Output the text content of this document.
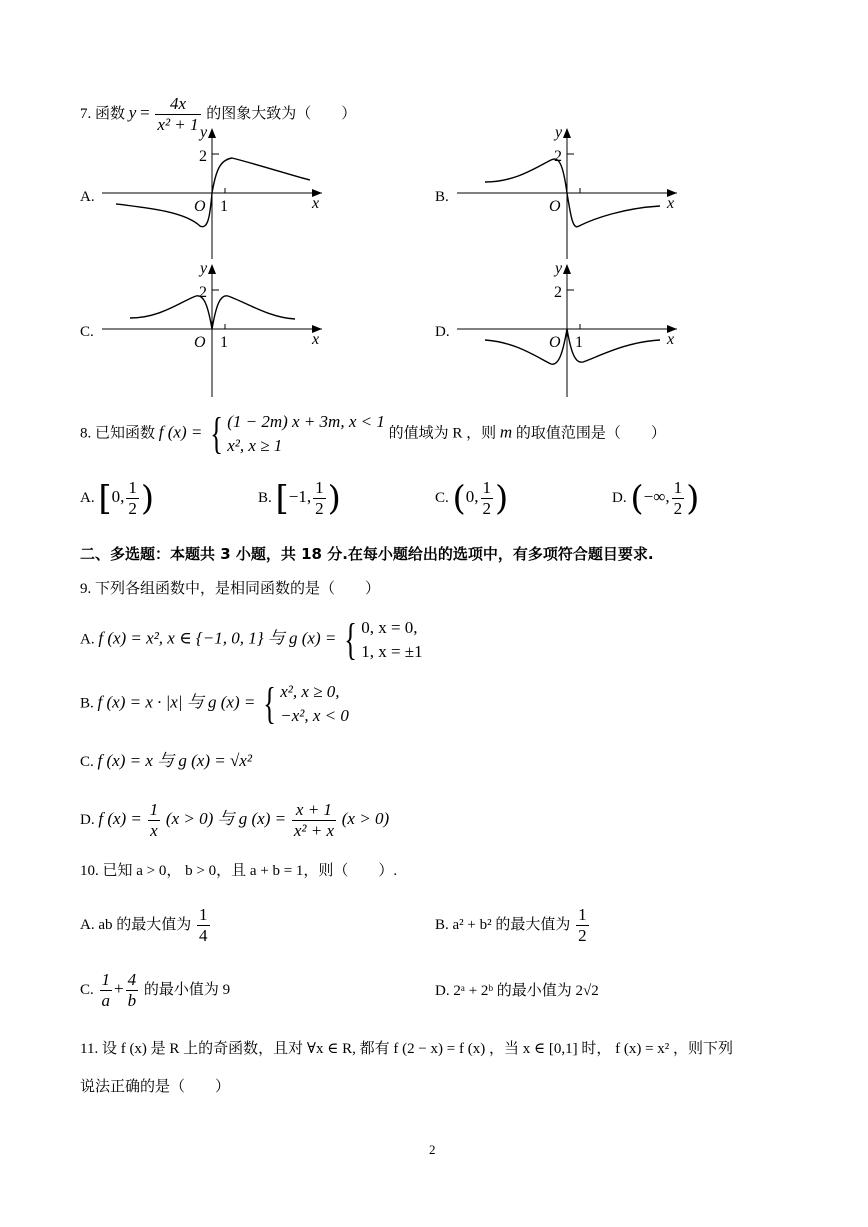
7. 函数 $y = \frac{4x}{\text{x² + 1}}$ 的图象大致为（　　）
A.
y
2
O 1	x	B.
y
2
O	x
C.
y
2
O 1	x	D.
y
2
O 1	x
8. 已知函数 f (x) = { (1 − 2m) x + 3m, x < 1
x², x ≥ 1
的值域为 R ，则 m 的取值范围是（　　）
A. [0, $\frac{1}{2}$ )	B. [−1, $\frac{1}{2}$ )	C. (0, $\frac{1}{2}$ )	D. (−∞, $\frac{1}{2}$ )
二、多选题：本题共 3 小题，共 18 分.在每小题给出的选项中，有多项符合题目要求.
9. 下列各组函数中，是相同函数的是（　　）
A. f (x) = x², x ∈ {−1, 0, 1} 与 g (x) = { 0, x = 0,
1, x = ±1
B. f (x) = x · |x| 与 g (x) = { x², x ≥ 0,
−x², x < 0
C. f (x) = x 与 g (x) = √x²
D. f $(x) = \frac{1}{x} (x > 0)$ 与 g $(x) = \frac{x + 1}{\text{x² + x}} (x > 0)$
10. 已知 a > 0， b > 0，且 a + b = 1，则（　　）.
A. ab 的最大值为 $\frac{1}{4}$	B. a² + b² 的最大值为 $\frac{1}{2}$
C. $\frac{1}{a} + \frac{4}{b}$ 的最小值为 9	D. 2ᵃ + 2ᵇ 的最小值为 2√2
11. 设 f (x) 是 R 上的奇函数，且对 ∀x ∈ R, 都有 f (2 − x) = f (x) ，当 x ∈ [0,1] 时， f (x) = x² ，则下列
说法正确的是（　　）
2
